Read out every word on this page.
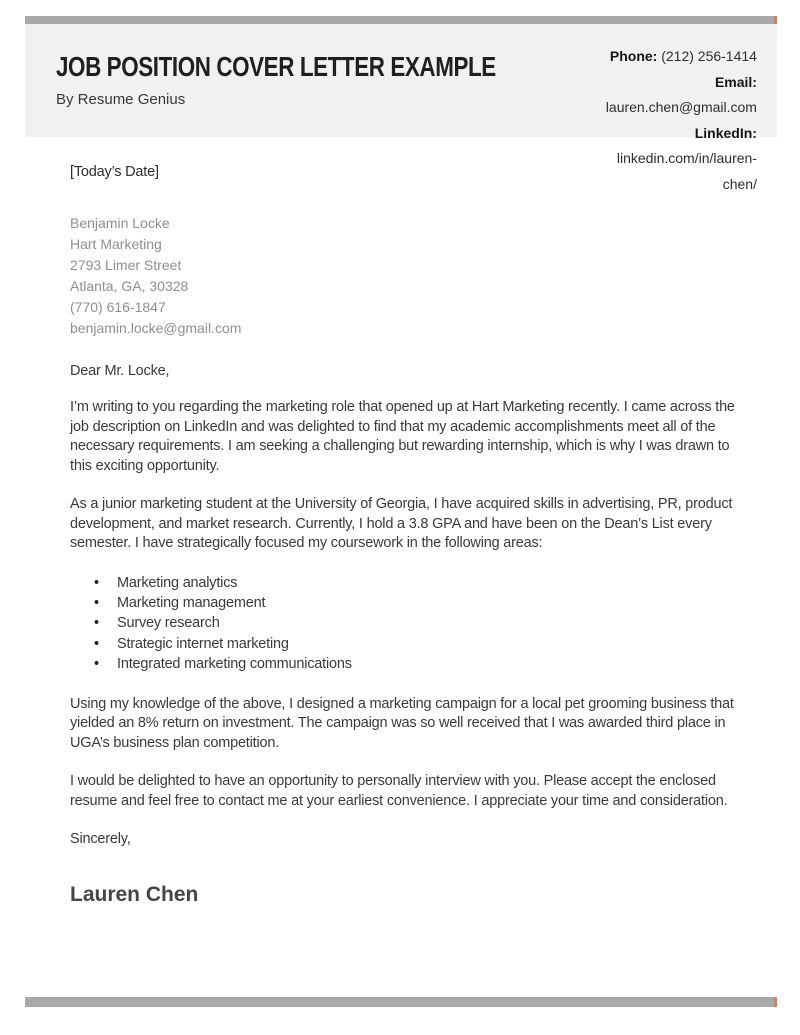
JOB POSITION COVER LETTER EXAMPLE
By Resume Genius
Phone: (212) 256-1414
Email: lauren.chen@gmail.com
LinkedIn: linkedin.com/in/lauren-chen/

[Today’s Date]

Benjamin Locke
Hart Marketing
2793 Limer Street
Atlanta, GA, 30328
(770) 616-1847
benjamin.locke@gmail.com

Dear Mr. Locke,

I’m writing to you regarding the marketing role that opened up at Hart Marketing recently. I came across the job description on LinkedIn and was delighted to find that my academic accomplishments meet all of the necessary requirements. I am seeking a challenging but rewarding internship, which is why I was drawn to this exciting opportunity.

As a junior marketing student at the University of Georgia, I have acquired skills in advertising, PR, product development, and market research. Currently, I hold a 3.8 GPA and have been on the Dean’s List every semester. I have strategically focused my coursework in the following areas:

• Marketing analytics
• Marketing management
• Survey research
• Strategic internet marketing
• Integrated marketing communications

Using my knowledge of the above, I designed a marketing campaign for a local pet grooming business that yielded an 8% return on investment. The campaign was so well received that I was awarded third place in UGA’s business plan competition.

I would be delighted to have an opportunity to personally interview with you. Please accept the enclosed resume and feel free to contact me at your earliest convenience. I appreciate your time and consideration.

Sincerely,

Lauren Chen
